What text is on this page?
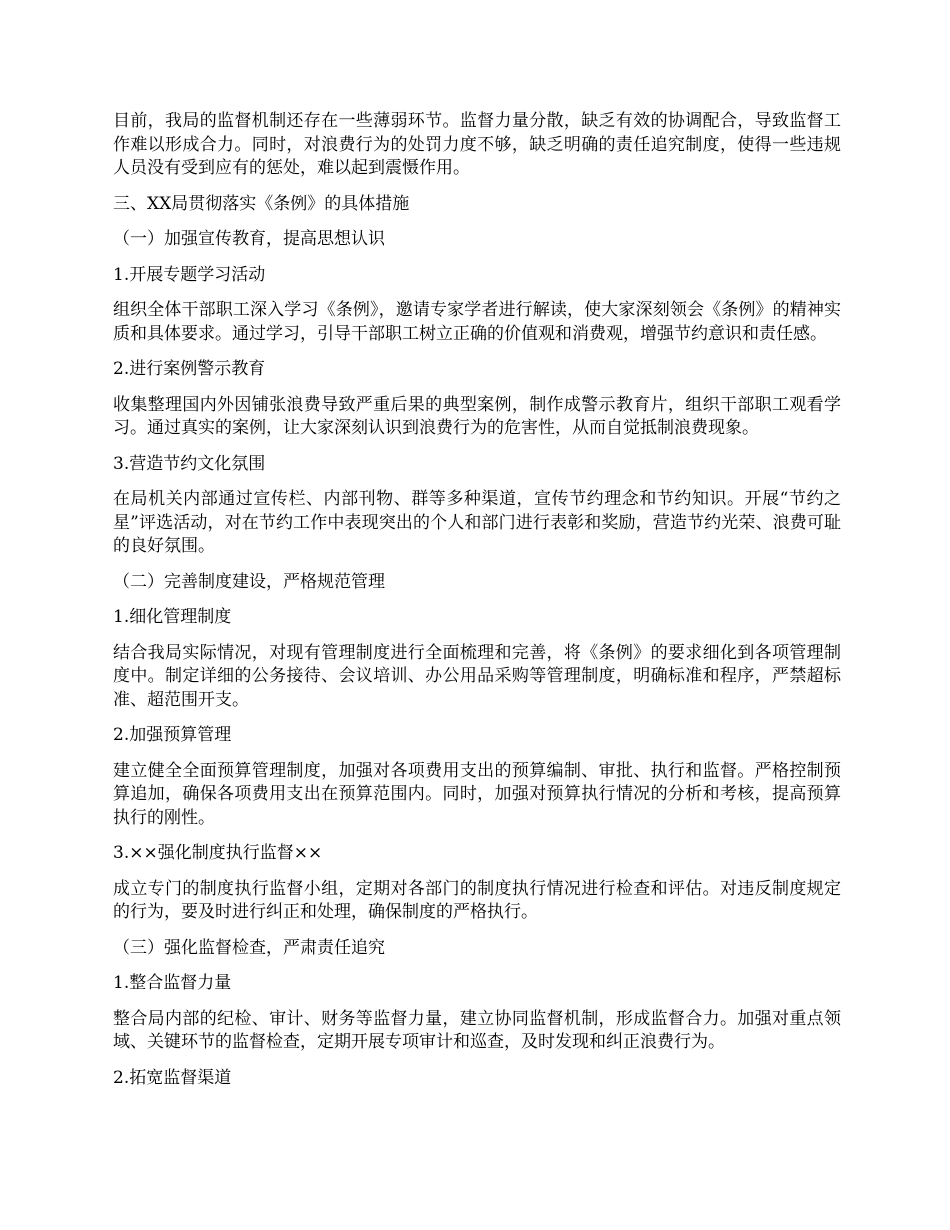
目前，我局的监督机制还存在一些薄弱环节。监督力量分散，缺乏有效的协调配合，导致监督工作难以形成合力。同时，对浪费行为的处罚力度不够，缺乏明确的责任追究制度，使得一些违规人员没有受到应有的惩处，难以起到震慑作用。

三、XX局贯彻落实《条例》的具体措施

（一）加强宣传教育，提高思想认识

1.开展专题学习活动

组织全体干部职工深入学习《条例》，邀请专家学者进行解读，使大家深刻领会《条例》的精神实质和具体要求。通过学习，引导干部职工树立正确的价值观和消费观，增强节约意识和责任感。

2.进行案例警示教育

收集整理国内外因铺张浪费导致严重后果的典型案例，制作成警示教育片，组织干部职工观看学习。通过真实的案例，让大家深刻认识到浪费行为的危害性，从而自觉抵制浪费现象。

3.营造节约文化氛围

在局机关内部通过宣传栏、内部刊物、群等多种渠道，宣传节约理念和节约知识。开展“节约之星”评选活动，对在节约工作中表现突出的个人和部门进行表彰和奖励，营造节约光荣、浪费可耻的良好氛围。

（二）完善制度建设，严格规范管理

1.细化管理制度

结合我局实际情况，对现有管理制度进行全面梳理和完善，将《条例》的要求细化到各项管理制度中。制定详细的公务接待、会议培训、办公用品采购等管理制度，明确标准和程序，严禁超标准、超范围开支。

2.加强预算管理

建立健全全面预算管理制度，加强对各项费用支出的预算编制、审批、执行和监督。严格控制预算追加，确保各项费用支出在预算范围内。同时，加强对预算执行情况的分析和考核，提高预算执行的刚性。

3.××强化制度执行监督××

成立专门的制度执行监督小组，定期对各部门的制度执行情况进行检查和评估。对违反制度规定的行为，要及时进行纠正和处理，确保制度的严格执行。

（三）强化监督检查，严肃责任追究

1.整合监督力量

整合局内部的纪检、审计、财务等监督力量，建立协同监督机制，形成监督合力。加强对重点领域、关键环节的监督检查，定期开展专项审计和巡查，及时发现和纠正浪费行为。

2.拓宽监督渠道
